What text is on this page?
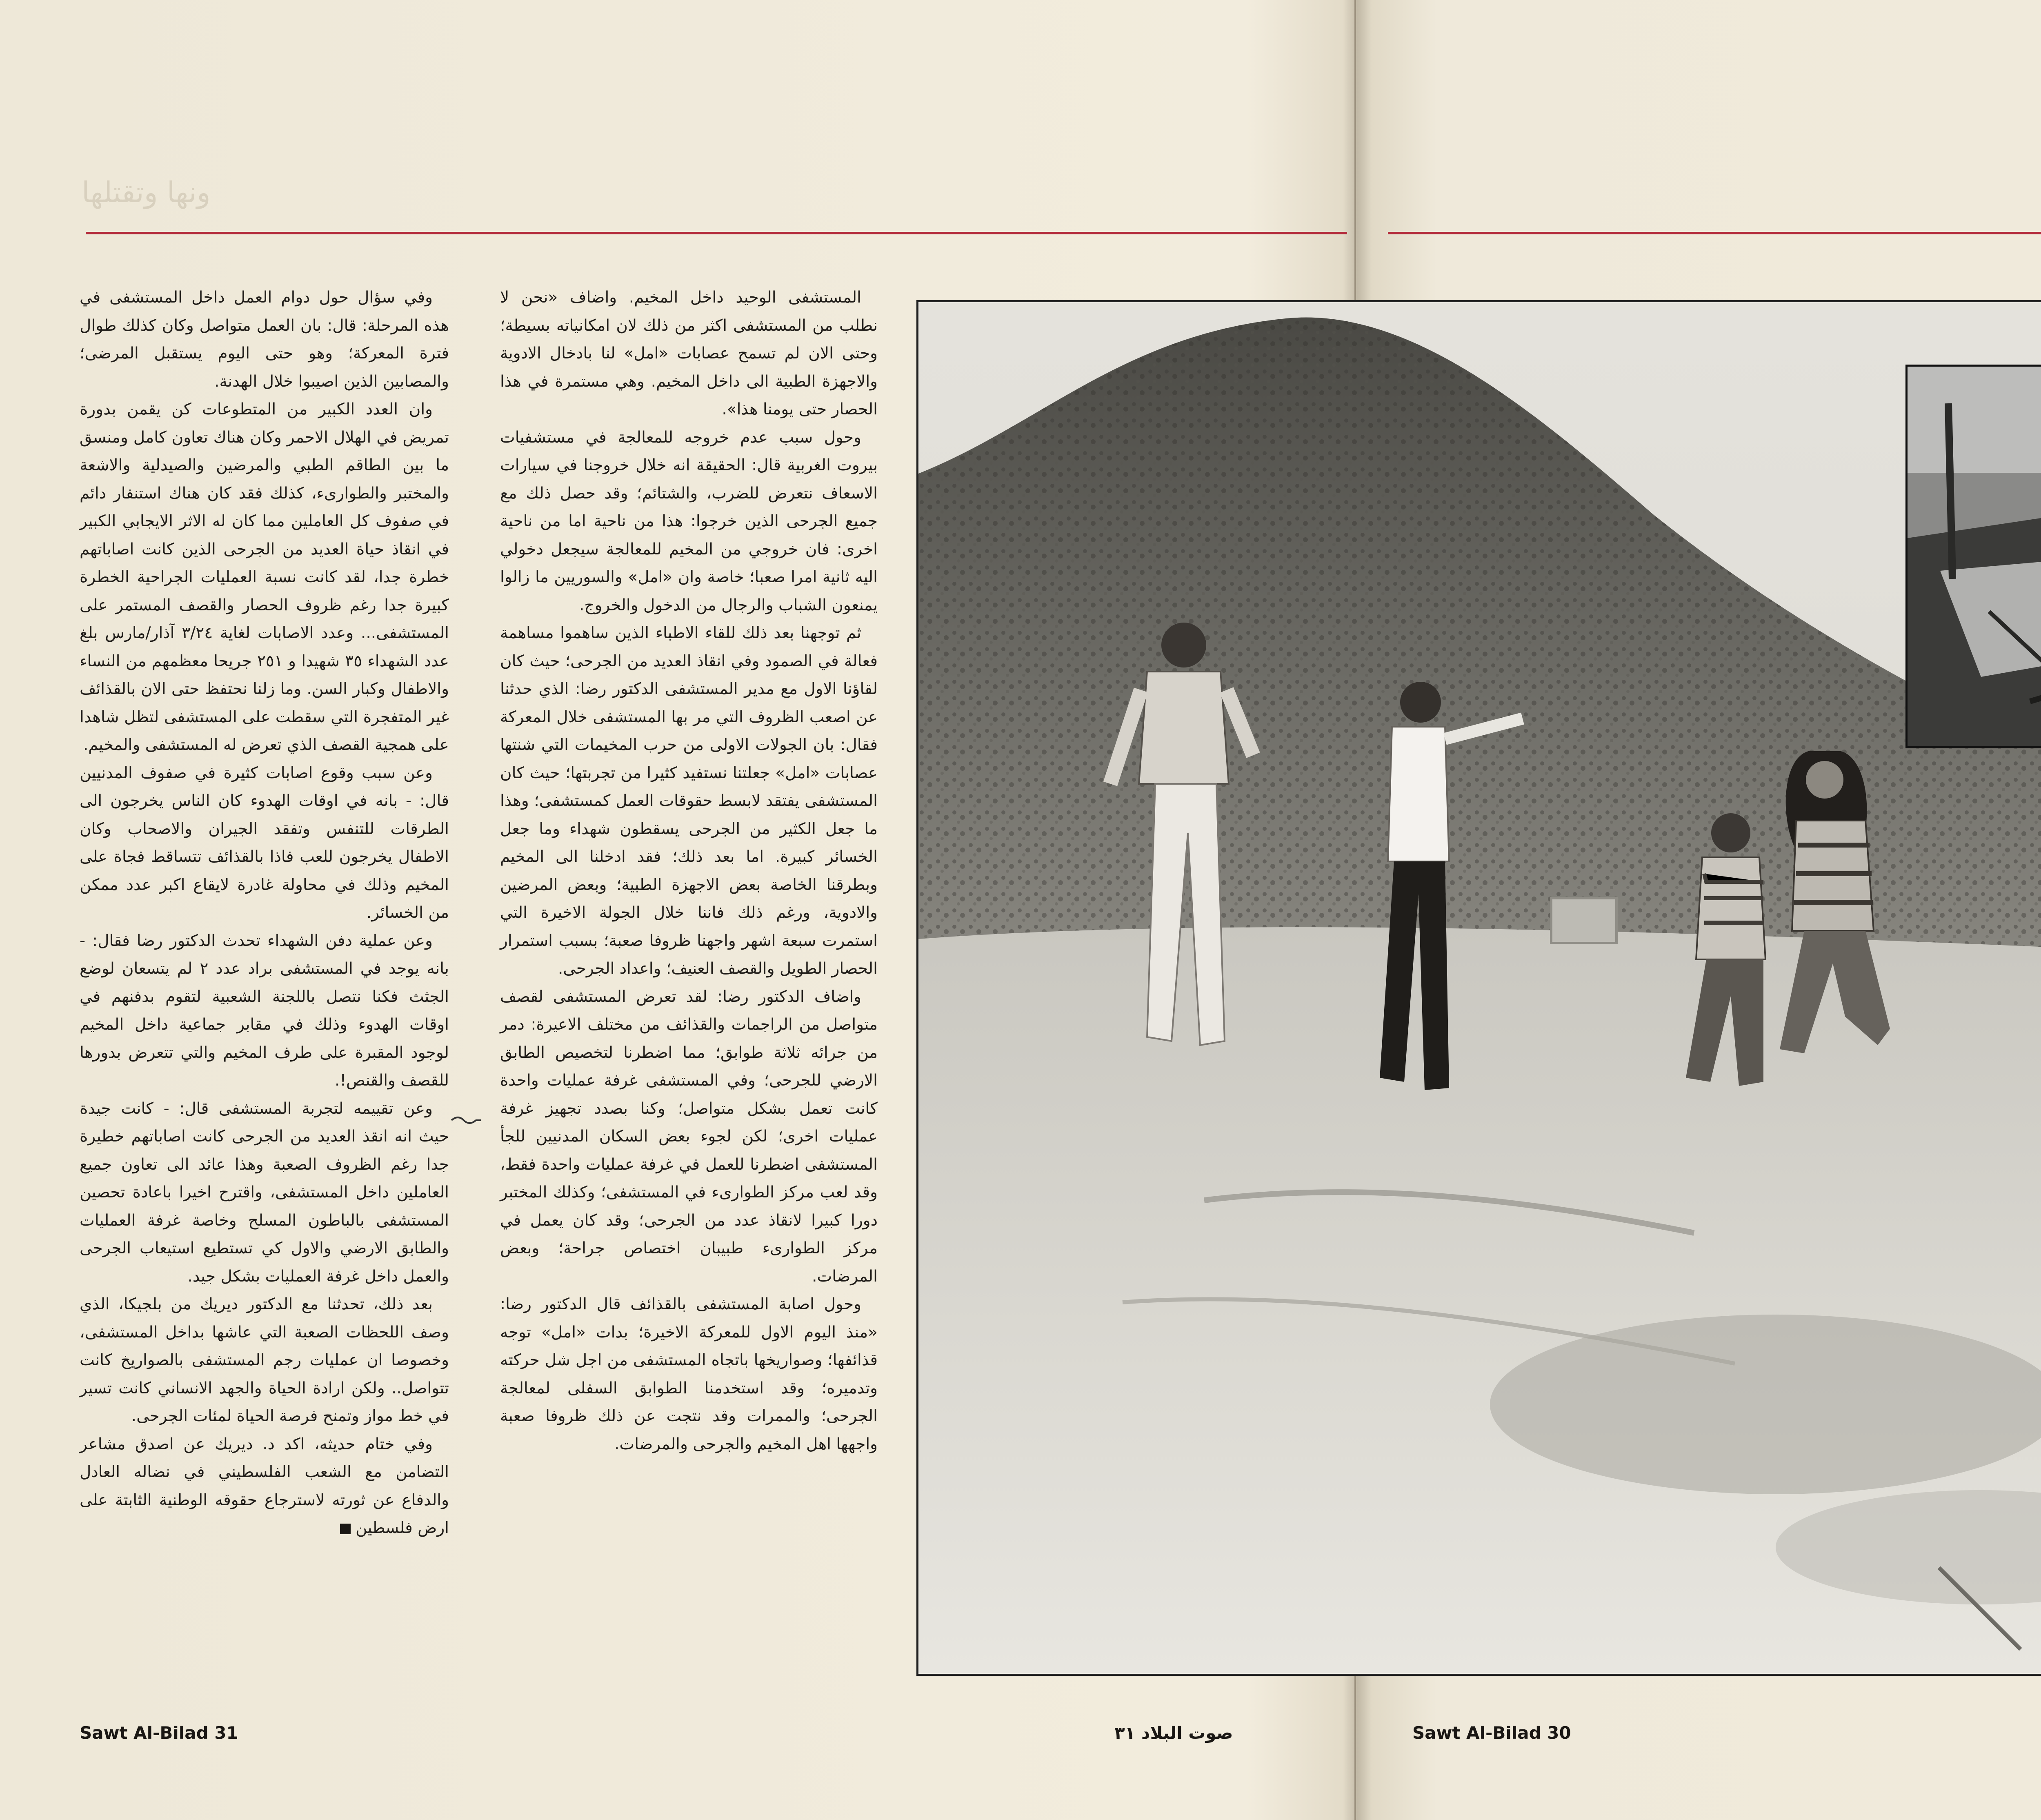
ونها وتقتلها

المستشفى الوحيد داخل المخيم. واضاف «نحن لا نطلب من المستشفى اكثر من ذلك لان امكانياته بسيطة؛ وحتى الان لم تسمح عصابات «امل» لنا بادخال الادوية والاجهزة الطبية الى داخل المخيم. وهي مستمرة في هذا الحصار حتى يومنا هذا».

وحول سبب عدم خروجه للمعالجة في مستشفيات بيروت الغربية قال: الحقيقة انه خلال خروجنا في سيارات الاسعاف نتعرض للضرب، والشتائم؛ وقد حصل ذلك مع جميع الجرحى الذين خرجوا: هذا من ناحية اما من ناحية اخرى: فان خروجي من المخيم للمعالجة سيجعل دخولي اليه ثانية امرا صعبا؛ خاصة وان «امل» والسوريين ما زالوا يمنعون الشباب والرجال من الدخول والخروج.

ثم توجهنا بعد ذلك للقاء الاطباء الذين ساهموا مساهمة فعالة في الصمود وفي انقاذ العديد من الجرحى؛ حيث كان لقاؤنا الاول مع مدير المستشفى الدكتور رضا: الذي حدثنا عن اصعب الظروف التي مر بها المستشفى خلال المعركة فقال: بان الجولات الاولى من حرب المخيمات التي شنتها عصابات «امل» جعلتنا نستفيد كثيرا من تجربتها؛ حيث كان المستشفى يفتقد لابسط حقوقات العمل كمستشفى؛ وهذا ما جعل الكثير من الجرحى يسقطون شهداء وما جعل الخسائر كبيرة. اما بعد ذلك؛ فقد ادخلنا الى المخيم وبطرقنا الخاصة بعض الاجهزة الطبية؛ وبعض المرضين والادوية، ورغم ذلك فاننا خلال الجولة الاخيرة التي استمرت سبعة اشهر واجهنا ظروفا صعبة؛ بسبب استمرار الحصار الطويل والقصف العنيف؛ واعداد الجرحى.

واضاف الدكتور رضا: لقد تعرض المستشفى لقصف متواصل من الراجمات والقذائف من مختلف الاعيرة: دمر من جرائه ثلاثة طوابق؛ مما اضطرنا لتخصيص الطابق الارضي للجرحى؛ وفي المستشفى غرفة عمليات واحدة كانت تعمل بشكل متواصل؛ وكنا بصدد تجهيز غرفة عمليات اخرى؛ لكن لجوء بعض السكان المدنيين للجأ المستشفى اضطرنا للعمل في غرفة عمليات واحدة فقط، وقد لعب مركز الطوارىء في المستشفى؛ وكذلك المختبر دورا كبيرا لانقاذ عدد من الجرحى؛ وقد كان يعمل في مركز الطوارىء طبيبان اختصاص جراحة؛ وبعض المرضات.

وحول اصابة المستشفى بالقذائف قال الدكتور رضا: «منذ اليوم الاول للمعركة الاخيرة؛ بدات «امل» توجه قذائفها؛ وصواريخها باتجاه المستشفى من اجل شل حركته وتدميره؛ وقد استخدمنا الطوابق السفلى لمعالجة الجرحى؛ والممرات وقد نتجت عن ذلك ظروفا صعبة واجهها اهل المخيم والجرحى والمرضات.

وفي سؤال حول دوام العمل داخل المستشفى في هذه المرحلة: قال: بان العمل متواصل وكان كذلك طوال فترة المعركة؛ وهو حتى اليوم يستقبل المرضى؛ والمصابين الذين اصيبوا خلال الهدنة.

وان العدد الكبير من المتطوعات كن يقمن بدورة تمريض في الهلال الاحمر وكان هناك تعاون كامل ومنسق ما بين الطاقم الطبي والمرضين والصيدلية والاشعة والمختبر والطوارىء، كذلك فقد كان هناك استنفار دائم في صفوف كل العاملين مما كان له الاثر الايجابي الكبير في انقاذ حياة العديد من الجرحى الذين كانت اصاباتهم خطرة جدا، لقد كانت نسبة العمليات الجراحية الخطرة كبيرة جدا رغم ظروف الحصار والقصف المستمر على المستشفى... وعدد الاصابات لغاية ٣/٢٤ آذار/مارس بلغ عدد الشهداء ٣٥ شهيدا و ٢٥١ جريحا معظمهم من النساء والاطفال وكبار السن. وما زلنا نحتفظ حتى الان بالقذائف غير المتفجرة التي سقطت على المستشفى لتظل شاهدا على همجية القصف الذي تعرض له المستشفى والمخيم.

وعن سبب وقوع اصابات كثيرة في صفوف المدنيين قال: - بانه في اوقات الهدوء كان الناس يخرجون الى الطرقات للتنفس وتفقد الجيران والاصحاب وكان الاطفال يخرجون للعب فاذا بالقذائف تتساقط فجاة على المخيم وذلك في محاولة غادرة لايقاع اكبر عدد ممكن من الخسائر.

وعن عملية دفن الشهداء تحدث الدكتور رضا فقال: - بانه يوجد في المستشفى براد عدد ٢ لم يتسعان لوضع الجثث فكنا نتصل باللجنة الشعبية لتقوم بدفنهم في اوقات الهدوء وذلك في مقابر جماعية داخل المخيم لوجود المقبرة على طرف المخيم والتي تتعرض بدورها للقصف والقنص!.

وعن تقييمه لتجربة المستشفى قال: - كانت جيدة حيث انه انقذ العديد من الجرحى كانت اصاباتهم خطيرة جدا رغم الظروف الصعبة وهذا عائد الى تعاون جميع العاملين داخل المستشفى، واقترح اخيرا باعادة تحصين المستشفى بالباطون المسلح وخاصة غرفة العمليات والطابق الارضي والاول كي تستطيع استيعاب الجرحى والعمل داخل غرفة العمليات بشكل جيد.

بعد ذلك، تحدثنا مع الدكتور ديريك من بلجيكا، الذي وصف اللحظات الصعبة التي عاشها بداخل المستشفى، وخصوصا ان عمليات رجم المستشفى بالصواريخ كانت تتواصل.. ولكن ارادة الحياة والجهد الانساني كانت تسير في خط مواز وتمنح فرصة الحياة لمئات الجرحى.

وفي ختام حديثه، اكد د. ديريك عن اصدق مشاعر التضامن مع الشعب الفلسطيني في نضاله العادل والدفاع عن ثورته لاسترجاع حقوقه الوطنية الثابتة على ارض فلسطين

Sawt Al-Bilad 31	صوت البلاد ٣١	Sawt Al-Bilad 30
